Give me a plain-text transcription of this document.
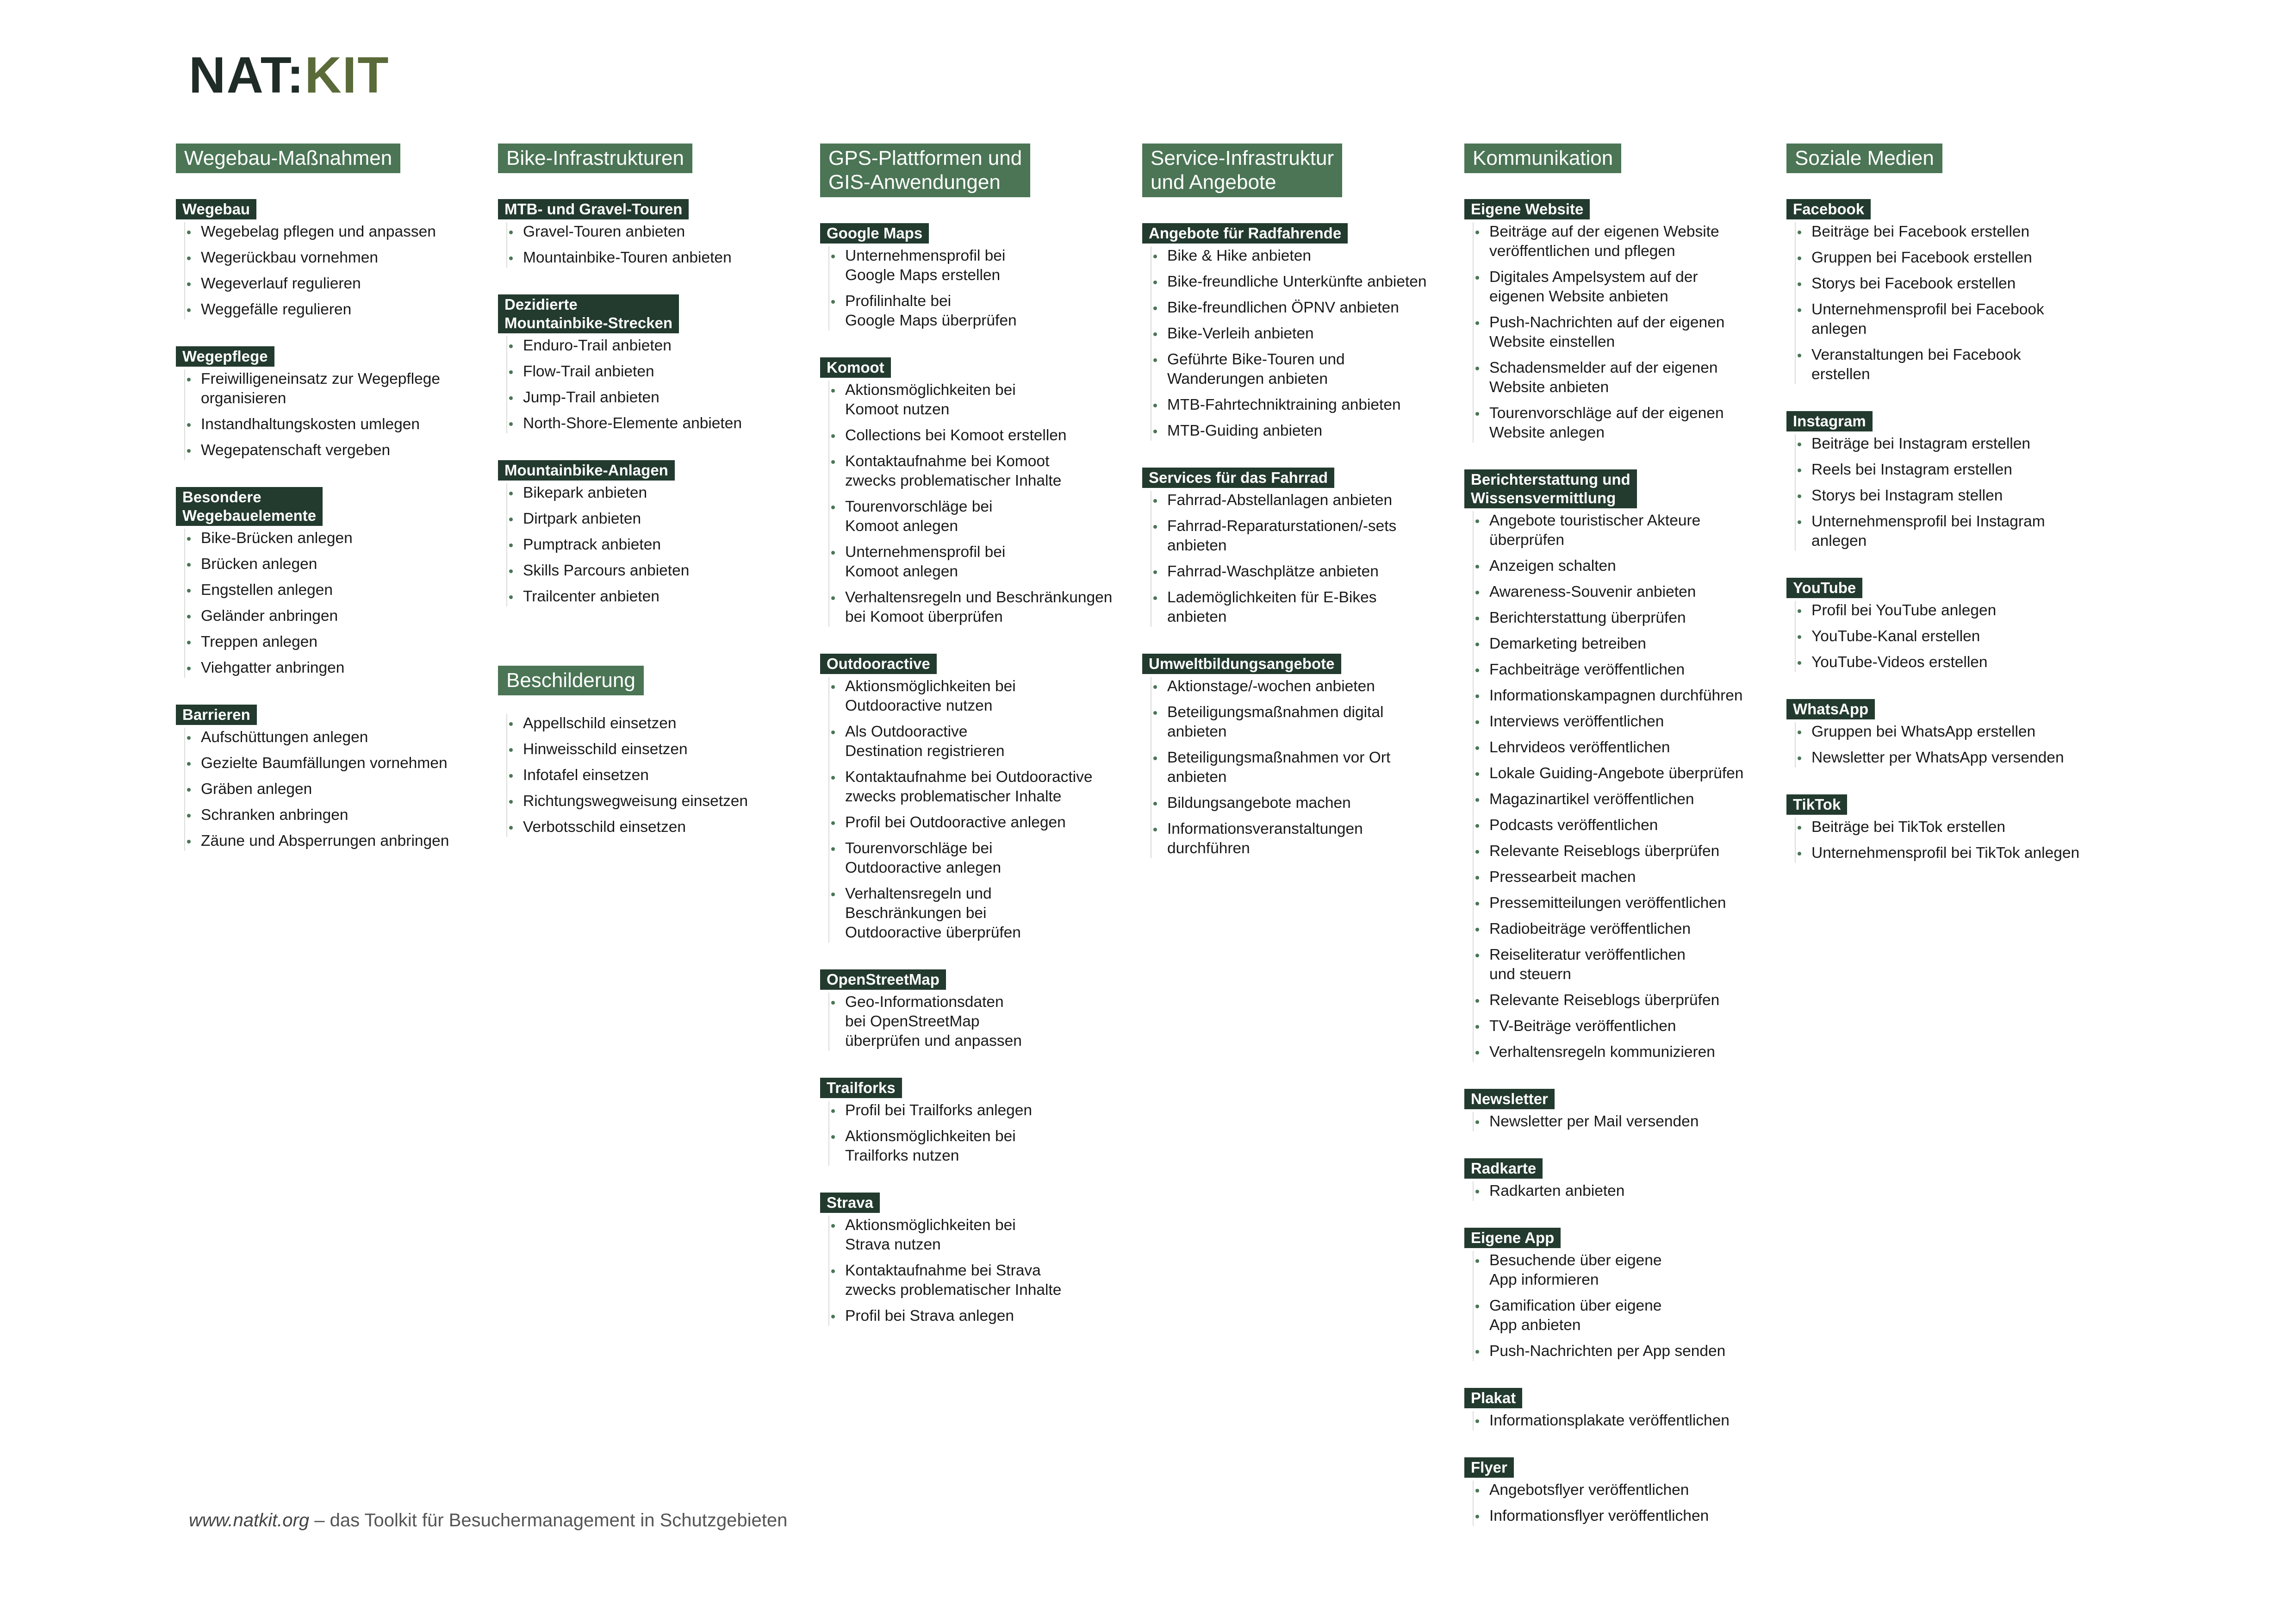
NAT:KIT
Wegebau-Maßnahmen

Wegebau
Wegebelag pflegen und anpassen
Wegerückbau vornehmen
Wegeverlauf regulieren
Weggefälle regulieren
Wegepflege
Freiwilligeneinsatz zur Wegepflege
organisieren
Instandhaltungskosten umlegen
Wegepatenschaft vergeben
Besondere
Wegebauelemente
Bike-Brücken anlegen
Brücken anlegen
Engstellen anlegen
Geländer anbringen
Treppen anlegen
Viehgatter anbringen
Barrieren
Aufschüttungen anlegen
Gezielte Baumfällungen vornehmen
Gräben anlegen
Schranken anbringen
Zäune und Absperrungen anbringen
Bike-Infrastrukturen

MTB- und Gravel-Touren
Gravel-Touren anbieten
Mountainbike-Touren anbieten
Dezidierte
Mountainbike-Strecken
Enduro-Trail anbieten
Flow-Trail anbieten
Jump-Trail anbieten
North-Shore-Elemente anbieten
Mountainbike-Anlagen
Bikepark anbieten
Dirtpark anbieten
Pumptrack anbieten
Skills Parcours anbieten
Trailcenter anbieten
Beschilderung
Appellschild einsetzen
Hinweisschild einsetzen
Infotafel einsetzen
Richtungswegweisung einsetzen
Verbotsschild einsetzen
GPS-Plattformen und
GIS-Anwendungen

Google Maps
Unternehmensprofil bei
Google Maps erstellen
Profilinhalte bei
Google Maps überprüfen
Komoot
Aktionsmöglichkeiten bei
Komoot nutzen
Collections bei Komoot erstellen
Kontaktaufnahme bei Komoot
zwecks problematischer Inhalte
Tourenvorschläge bei
Komoot anlegen
Unternehmensprofil bei
Komoot anlegen
Verhaltensregeln und Beschränkungen
bei Komoot überprüfen
Outdooractive
Aktionsmöglichkeiten bei
Outdooractive nutzen
Als Outdooractive
Destination registrieren
Kontaktaufnahme bei Outdooractive
zwecks problematischer Inhalte
Profil bei Outdooractive anlegen
Tourenvorschläge bei
Outdooractive anlegen
Verhaltensregeln und
Beschränkungen bei
Outdooractive überprüfen
OpenStreetMap
Geo-Informationsdaten
bei OpenStreetMap
überprüfen und anpassen
Trailforks
Profil bei Trailforks anlegen
Aktionsmöglichkeiten bei
Trailforks nutzen
Strava
Aktionsmöglichkeiten bei
Strava nutzen
Kontaktaufnahme bei Strava
zwecks problematischer Inhalte
Profil bei Strava anlegen
Service-Infrastruktur
und Angebote

Angebote für Radfahrende
Bike & Hike anbieten
Bike-freundliche Unterkünfte anbieten
Bike-freundlichen ÖPNV anbieten
Bike-Verleih anbieten
Geführte Bike-Touren und
Wanderungen anbieten
MTB-Fahrtechniktraining anbieten
MTB-Guiding anbieten
Services für das Fahrrad
Fahrrad-Abstellanlagen anbieten
Fahrrad-Reparaturstationen/-sets
anbieten
Fahrrad-Waschplätze anbieten
Lademöglichkeiten für E-Bikes anbieten
Umweltbildungsangebote
Aktionstage/-wochen anbieten
Beteiligungsmaßnahmen digital
anbieten
Beteiligungsmaßnahmen vor Ort
anbieten
Bildungsangebote machen
Informationsveranstaltungen
durchführen
Kommunikation

Eigene Website
Beiträge auf der eigenen Website
veröffentlichen und pflegen
Digitales Ampelsystem auf der
eigenen Website anbieten
Push-Nachrichten auf der eigenen
Website einstellen
Schadensmelder auf der eigenen
Website anbieten
Tourenvorschläge auf der eigenen
Website anlegen
Berichterstattung und
Wissensvermittlung
Angebote touristischer Akteure
überprüfen
Anzeigen schalten
Awareness-Souvenir anbieten
Berichterstattung überprüfen
Demarketing betreiben
Fachbeiträge veröffentlichen
Informationskampagnen durchführen
Interviews veröffentlichen
Lehrvideos veröffentlichen
Lokale Guiding-Angebote überprüfen
Magazinartikel veröffentlichen
Podcasts veröffentlichen
Relevante Reiseblogs überprüfen
Pressearbeit machen
Pressemitteilungen veröffentlichen
Radiobeiträge veröffentlichen
Reiseliteratur veröffentlichen
und steuern
Relevante Reiseblogs überprüfen
TV-Beiträge veröffentlichen
Verhaltensregeln kommunizieren
Newsletter
Newsletter per Mail versenden
Radkarte
Radkarten anbieten
Eigene App
Besuchende über eigene
App informieren
Gamification über eigene
App anbieten
Push-Nachrichten per App senden
Plakat
Informationsplakate veröffentlichen
Flyer
Angebotsflyer veröffentlichen
Informationsflyer veröffentlichen
Soziale Medien

Facebook
Beiträge bei Facebook erstellen
Gruppen bei Facebook erstellen
Storys bei Facebook erstellen
Unternehmensprofil bei Facebook
anlegen
Veranstaltungen bei Facebook erstellen
Instagram
Beiträge bei Instagram erstellen
Reels bei Instagram erstellen
Storys bei Instagram stellen
Unternehmensprofil bei Instagram
anlegen
YouTube
Profil bei YouTube anlegen
YouTube-Kanal erstellen
YouTube-Videos erstellen
WhatsApp
Gruppen bei WhatsApp erstellen
Newsletter per WhatsApp versenden
TikTok
Beiträge bei TikTok erstellen
Unternehmensprofil bei TikTok anlegen
www.natkit.org – das Toolkit für Besuchermanagement in Schutzgebieten
